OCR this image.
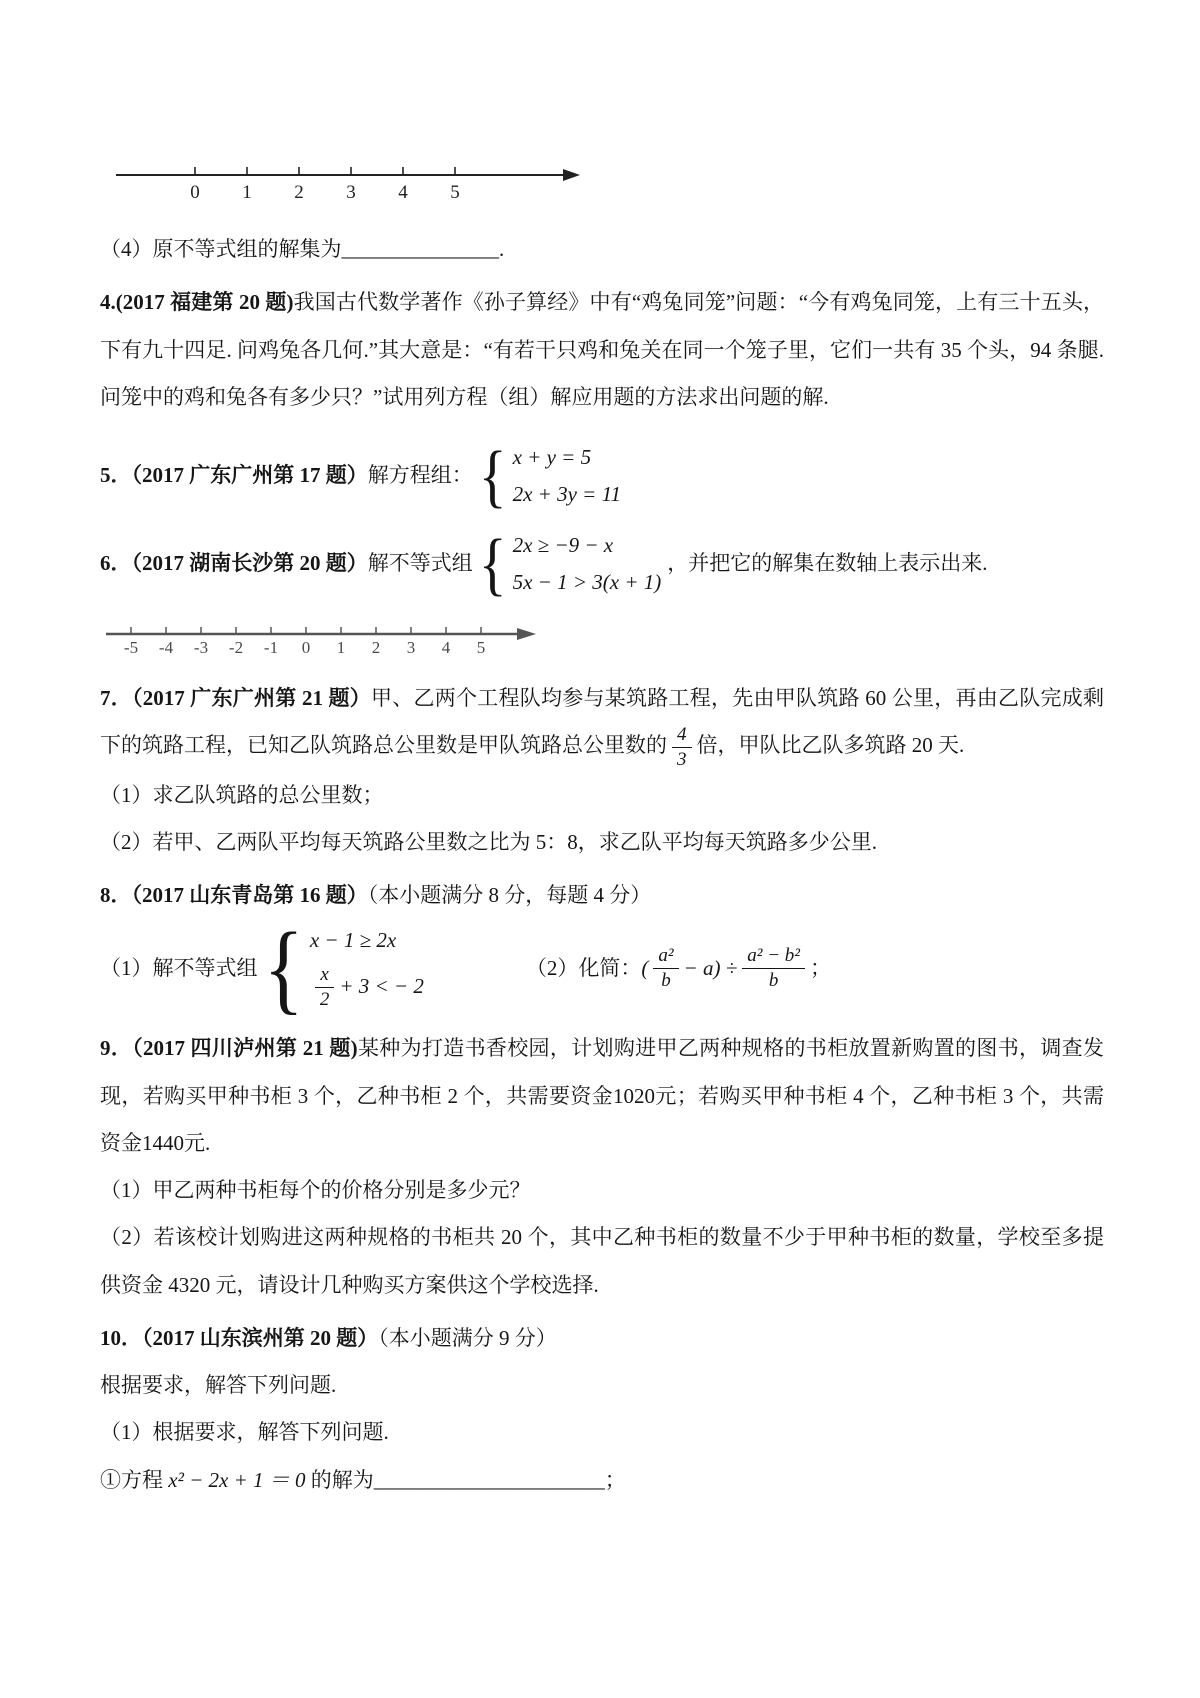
0 1 2 3 4 5

（4）原不等式组的解集为_______________.

4.(2017 福建第 20 题)我国古代数学著作《孙子算经》中有“鸡兔同笼”问题：“今有鸡兔同笼，上有三十五头，下有九十四足. 问鸡兔各几何.”其大意是：“有若干只鸡和兔关在同一个笼子里，它们一共有 35 个头，94 条腿. 问笼中的鸡和兔各有多少只？”试用列方程（组）解应用题的方法求出问题的解.

5．（2017 广东广州第 17 题） 解方程组：
{
x + y = 5
2x + 3y = 11
6．（2017 湖南长沙第 20 题） 解不等式组
{
2x ≥ −9 − x
5x − 1 > 3(x + 1)
，并把它的解集在数轴上表示出来.
-5 -4 -3 -2 -1 0 1 2 3 4 5

7．（2017 广东广州第 21 题）甲、乙两个工程队均参与某筑路工程，先由甲队筑路 60 公里，再由乙队完成剩下的筑路工程，已知乙队筑路总公里数是甲队筑路总公里数的 $\frac{4}{3}$ 倍，甲队比乙队多筑路 20 天.

（1）求乙队筑路的总公里数；

（2）若甲、乙两队平均每天筑路公里数之比为 5：8，求乙队平均每天筑路多少公里.

8．（2017 山东青岛第 16 题）（本小题满分 8 分，每题 4 分）

（1）解不等式组
{
x − 1 ≥ 2x
$\frac{x}{2} + 3$ < − 2
（2）化简： ( $\frac{\text{a²}}{b} - a) \div \frac{\text{a² − b²}}{b}$ ；

9．（2017 四川泸州第 21 题)某种为打造书香校园，计划购进甲乙两种规格的书柜放置新购置的图书，调查发现，若购买甲种书柜 3 个，乙种书柜 2 个，共需要资金1020元；若购买甲种书柜 4 个，乙种书柜 3 个，共需资金1440元.

（1）甲乙两种书柜每个的价格分别是多少元？

（2）若该校计划购进这两种规格的书柜共 20 个，其中乙种书柜的数量不少于甲种书柜的数量，学校至多提供资金 4320 元，请设计几种购买方案供这个学校选择.

10．（2017 山东滨州第 20 题）（本小题满分 9 分）

根据要求，解答下列问题.

（1）根据要求，解答下列问题.

①方程 x² − 2x + 1 ＝ 0 的解为______________________；
